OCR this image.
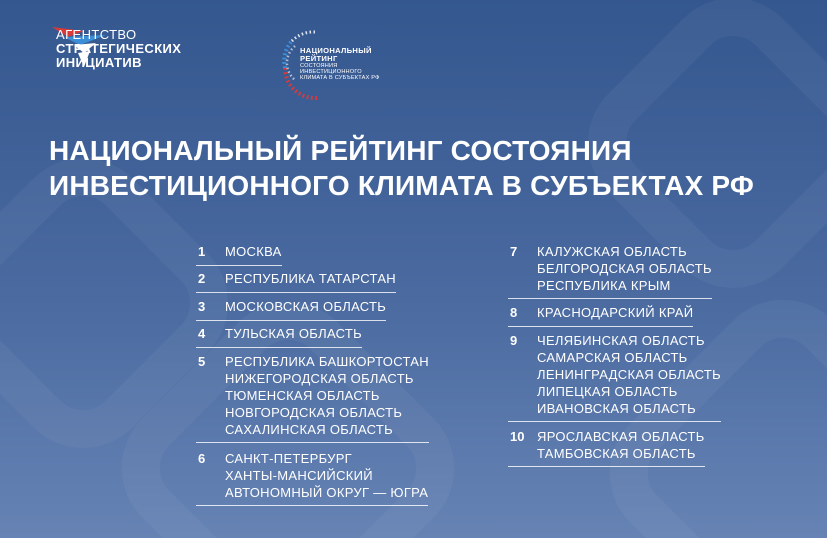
АГЕНТСТВО
СТРАТЕГИЧЕСКИХ
ИНИЦИАТИВ
НАЦИОНАЛЬНЫЙ
РЕЙТИНГ
СОСТОЯНИЯ
ИНВЕСТИЦИОННОГО
КЛИМАТА В СУБЪЕКТАХ РФ
НАЦИОНАЛЬНЫЙ РЕЙТИНГ СОСТОЯНИЯ
ИНВЕСТИЦИОННОГО КЛИМАТА В СУБЪЕКТАХ РФ
1	МОСКВА
2	РЕСПУБЛИКА ТАТАРСТАН
3	МОСКОВСКАЯ ОБЛАСТЬ
4	ТУЛЬСКАЯ ОБЛАСТЬ
5	РЕСПУБЛИКА БАШКОРТОСТАН
НИЖЕГОРОДСКАЯ ОБЛАСТЬ
ТЮМЕНСКАЯ ОБЛАСТЬ
НОВГОРОДСКАЯ ОБЛАСТЬ
САХАЛИНСКАЯ ОБЛАСТЬ
6	САНКТ-ПЕТЕРБУРГ
ХАНТЫ-МАНСИЙСКИЙ
АВТОНОМНЫЙ ОКРУГ — ЮГРА
7	КАЛУЖСКАЯ ОБЛАСТЬ
БЕЛГОРОДСКАЯ ОБЛАСТЬ
РЕСПУБЛИКА КРЫМ
8	КРАСНОДАРСКИЙ КРАЙ
9	ЧЕЛЯБИНСКАЯ ОБЛАСТЬ
САМАРСКАЯ ОБЛАСТЬ
ЛЕНИНГРАДСКАЯ ОБЛАСТЬ
ЛИПЕЦКАЯ ОБЛАСТЬ
ИВАНОВСКАЯ ОБЛАСТЬ
10 ЯРОСЛАВСКАЯ ОБЛАСТЬ
ТАМБОВСКАЯ ОБЛАСТЬ
